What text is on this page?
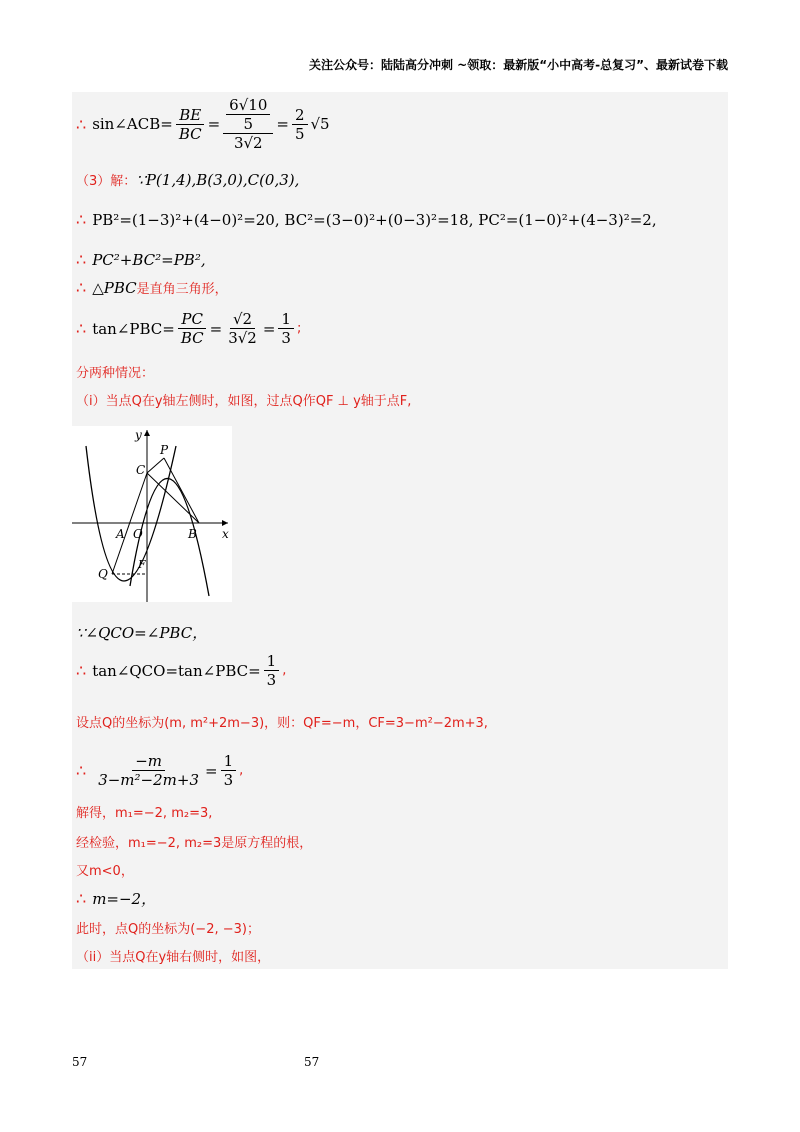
关注公众号：陆陆高分冲刺 ~领取：最新版“小中高考-总复习”、最新试卷下载
∴ sin∠ACB= $\frac{BE}{BC} = \frac{\frac{6√10}{5}}{3√2} = \frac{2}{5} √5$
（3）解： ∵P(1,4),B(3,0),C(0,3),
∴ PB²=(1−3)²+(4−0)²=20, BC²=(3−0)²+(0−3)²=18, PC²=(1−0)²+(4−3)²=2,
∴ PC²+BC²=PB²,
∴ △PBC 是直角三角形，
∴ tan∠PBC= $\frac{PC}{BC} = \frac{√2}{3√2} = \frac{1}{3}$ ;
分两种情况：
（i）当点Q在y轴左侧时，如图，过点Q作QF ⊥ y轴于点F,
y
P
C
A O	B x
Q
F
∵∠QCO=∠PBC，
∴ tan∠QCO=tan∠PBC= $\frac{1}{3}$ ,
设点Q的坐标为(m, m²+2m−3)，则：QF=−m，CF=3−m²−2m+3,
∴ $\frac{-m}{\text{3−m²−2m+3}} = \frac{1}{3}$ ,
解得，m₁=−2, m₂=3,
经检验，m₁=−2, m₂=3是原方程的根，
又m<0，
∴ m=−2，
此时，点Q的坐标为(−2, −3)；
（ii）当点Q在y轴右侧时，如图，
57	57
